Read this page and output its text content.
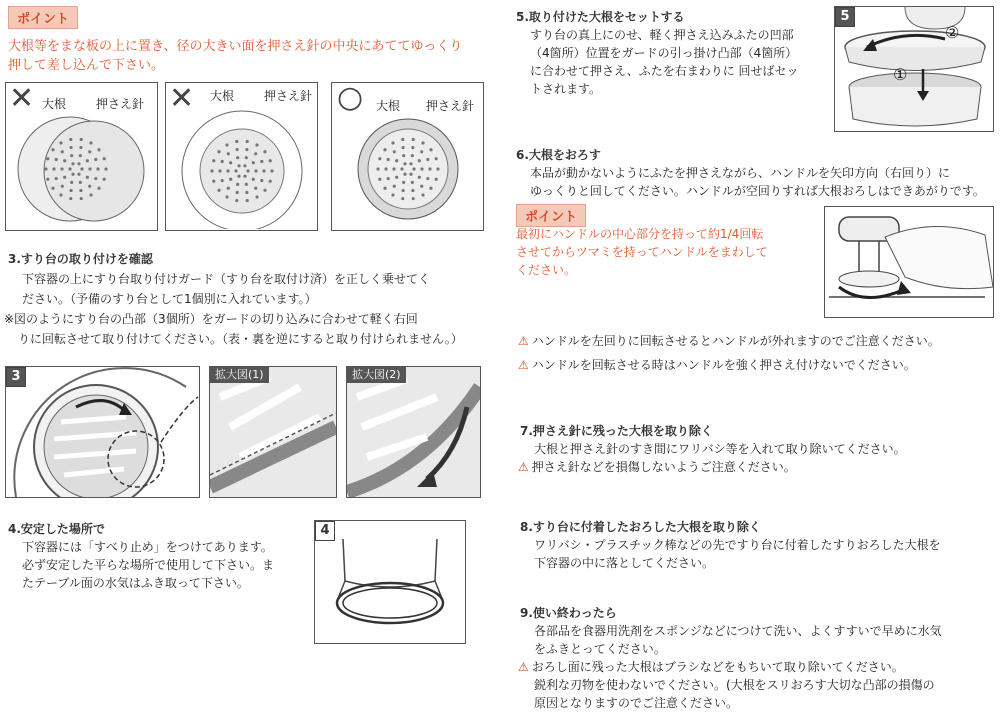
ポイント
大根等をまな板の上に置き、径の大きい面を押さえ針の中央にあててゆっくり
押して差し込んで下さい。
✕ 大根 押さえ針 ✕ 大根 押さえ針 ○ 大根 押さえ針
3.すり台の取り付けを確認
下容器の上にすり台取り付けガード（すり台を取付け済）を正しく乗せてく
ださい。（予備のすり台として1個別に入れています。）
※図のようにすり台の凸部（3個所）をガードの切り込みに合わせて軽く右回
りに回転させて取り付けてください。（表・裏を逆にすると取り付けられません。）
3	拡大図(1)	拡大図(2)
4.安定した場所で
下容器には「すべり止め」をつけてあります。
必ず安定した平らな場所で使用して下さい。ま
たテーブル面の水気はふき取って下さい。
4
5.取り付けた大根をセットする
すり台の真上にのせ、軽く押さえ込みふたの凹部
（4箇所）位置をガードの引っ掛け凸部（4箇所）
に合わせて押さえ、ふたを右まわりに 回せばセッ
トされます。
5
②
①
6.大根をおろす
本品が動かないようにふたを押さえながら、ハンドルを矢印方向（右回り）に
ゆっくりと回してください。ハンドルが空回りすれば大根おろしはできあがりです。
ポイント
最初にハンドルの中心部分を持って約1/4回転
させてからツマミを持ってハンドルをまわして
ください。
⚠ ハンドルを左回りに回転させるとハンドルが外れますのでご注意ください。
⚠ ハンドルを回転させる時はハンドルを強く押さえ付けないでください。
7.押さえ針に残った大根を取り除く
大根と押さえ針のすき間にワリバシ等を入れて取り除いてください。
⚠ 押さえ針などを損傷しないようご注意ください。
8.すり台に付着したおろした大根を取り除く
ワリバシ・プラスチック棒などの先ですり台に付着したすりおろした大根を
下容器の中に落としてください。
9.使い終わったら
各部品を食器用洗剤をスポンジなどにつけて洗い、よくすすいで早めに水気
をふきとってください。
⚠ おろし面に残った大根はブラシなどをもちいて取り除いてください。
鋭利な刃物を使わないでください。(大根をスリおろす大切な凸部の損傷の
原因となりますのでご注意ください。
